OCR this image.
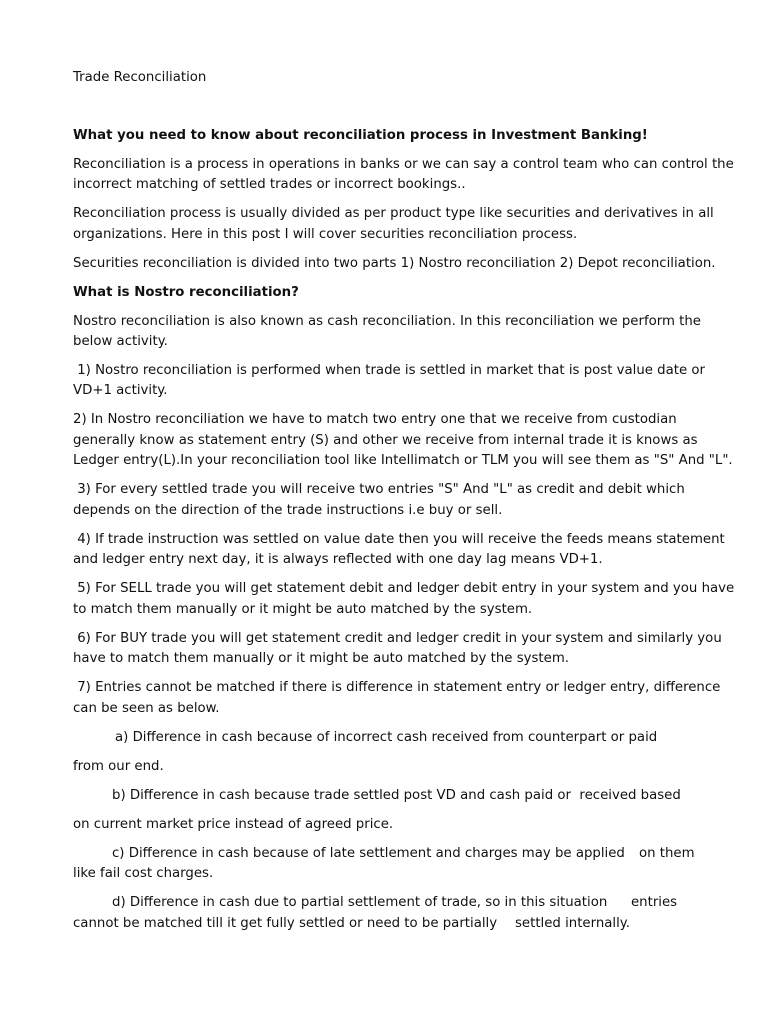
Trade Reconciliation
What you need to know about reconciliation process in Investment Banking!
Reconciliation is a process in operations in banks or we can say a control team who can control the
incorrect matching of settled trades or incorrect bookings..
Reconciliation process is usually divided as per product type like securities and derivatives in all
organizations. Here in this post I will cover securities reconciliation process.
Securities reconciliation is divided into two parts 1) Nostro reconciliation 2) Depot reconciliation.
What is Nostro reconciliation?
Nostro reconciliation is also known as cash reconciliation. In this reconciliation we perform the
below activity.
1) Nostro reconciliation is performed when trade is settled in market that is post value date or
VD+1 activity.
2) In Nostro reconciliation we have to match two entry one that we receive from custodian
generally know as statement entry (S) and other we receive from internal trade it is knows as
Ledger entry(L).In your reconciliation tool like Intellimatch or TLM you will see them as "S" And "L".
3) For every settled trade you will receive two entries "S" And "L" as credit and debit which
depends on the direction of the trade instructions i.e buy or sell.
4) If trade instruction was settled on value date then you will receive the feeds means statement
and ledger entry next day, it is always reflected with one day lag means VD+1.
5) For SELL trade you will get statement debit and ledger debit entry in your system and you have
to match them manually or it might be auto matched by the system.
6) For BUY trade you will get statement credit and ledger credit in your system and similarly you
have to match them manually or it might be auto matched by the system.
7) Entries cannot be matched if there is difference in statement entry or ledger entry, difference
can be seen as below.
a) Difference in cash because of incorrect cash received from counterpart or paid
from our end.
b) Difference in cash because trade settled post VD and cash paid or  received based
on current market price instead of agreed price.
c) Difference in cash because of late settlement and charges may be applied on them
like fail cost charges.
d) Difference in cash due to partial settlement of trade, so in this situation entries
cannot be matched till it get fully settled or need to be partially settled internally.
